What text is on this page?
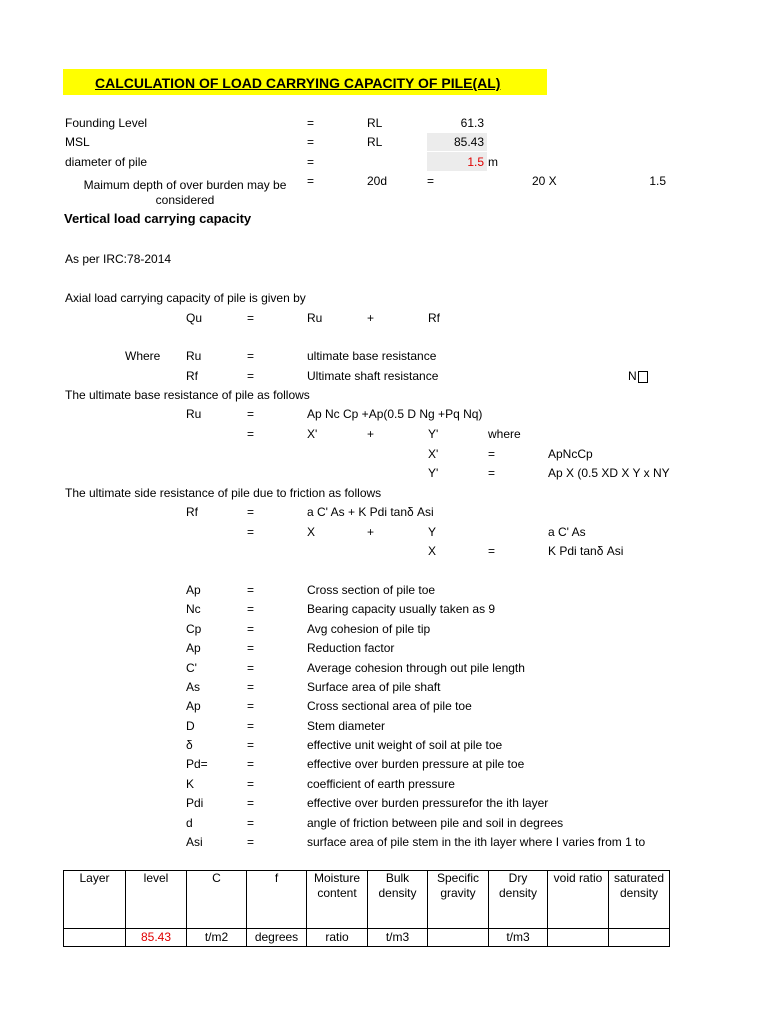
CALCULATION OF LOAD CARRYING CAPACITY OF PILE(AL)
Founding Level	=	RL	61.3
MSL	=	RL	85.43
diameter of pile	=	1.5 m
Maimum depth of over burden may be considered
=	20d	=	20 X	1.5
Vertical load carrying capacity
As per IRC:78-2014
Axial load carrying capacity of pile is given by
Qu	=	Ru	+	Rf
Where Ru	=	ultimate base resistance
Rf	=	Ultimate shaft resistance	N
The ultimate base resistance of pile as follows
Ru	=	Ap Nc Cp +Ap(0.5 D Ng +Pq Nq)
=	X'	+	Y'	where
X'	=	ApNcCp
Y'	=	Ap X (0.5 XD X Y x NY
The ultimate side resistance of pile due to friction as follows
Rf	=	a C' As + K Pdi tanδ Asi
=	X	+	Y	a C' As
X	=	K Pdi tanδ Asi
Ap	=	Cross section of pile toe
Nc	=	Bearing capacity usually taken as 9
Cp	=	Avg cohesion of pile tip
Ap	=	Reduction factor
C'	=	Average cohesion through out pile length
As	=	Surface area of pile shaft
Ap	=	Cross sectional area of pile toe
D	=	Stem diameter
δ	=	effective unit weight of soil at pile toe
Pd=	=	effective over burden pressure at pile toe
K	=	coefficient of earth pressure
Pdi	=	effective over burden pressurefor the ith layer
d	=	angle of friction between pile and soil in degrees
Asi	=	surface area of pile stem in the ith layer where I varies from 1 to
Layer	level	C	f	Moisture content	Bulk density	Specific gravity	Dry density	void ratio	saturated density
	85.43	t/m2	degrees	ratio	t/m3		t/m3		
